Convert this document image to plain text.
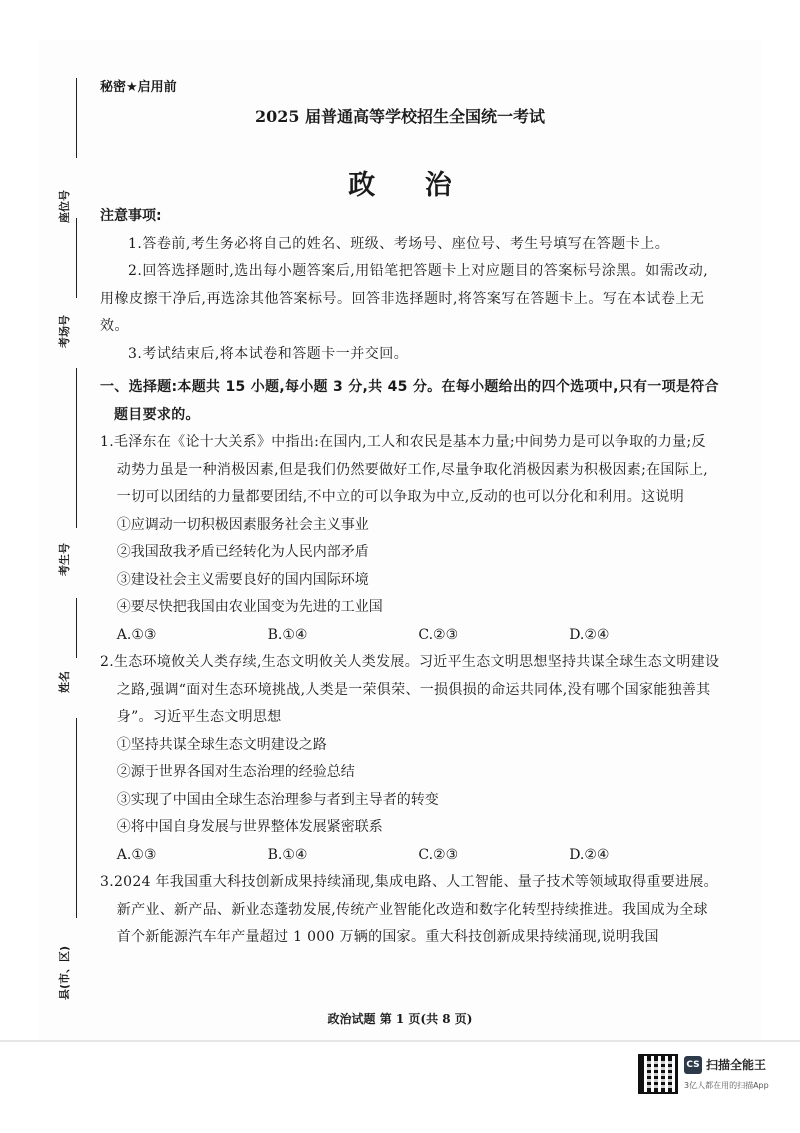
座位号
考场号
考生号
姓名
县(市、区)
秘密★启用前
2025 届普通高等学校招生全国统一考试
政 治
注意事项:

1.答卷前,考生务必将自己的姓名、班级、考场号、座位号、考生号填写在答题卡上。

2.回答选择题时,选出每小题答案后,用铅笔把答题卡上对应题目的答案标号涂黑。如需改动,用橡皮擦干净后,再选涂其他答案标号。回答非选择题时,将答案写在答题卡上。写在本试卷上无效。

3.考试结束后,将本试卷和答题卡一并交回。

一、选择题:本题共 15 小题,每小题 3 分,共 45 分。在每小题给出的四个选项中,只有一项是符合题目要求的。
1.毛泽东在《论十大关系》中指出:在国内,工人和农民是基本力量;中间势力是可以争取的力量;反动势力虽是一种消极因素,但是我们仍然要做好工作,尽量争取化消极因素为积极因素;在国际上,一切可以团结的力量都要团结,不中立的可以争取为中立,反动的也可以分化和利用。这说明
①应调动一切积极因素服务社会主义事业
②我国敌我矛盾已经转化为人民内部矛盾
③建设社会主义需要良好的国内国际环境
④要尽快把我国由农业国变为先进的工业国
A.①③	B.①④	C.②③	D.②④
2.生态环境攸关人类存续,生态文明攸关人类发展。习近平生态文明思想坚持共谋全球生态文明建设之路,强调“面对生态环境挑战,人类是一荣俱荣、一损俱损的命运共同体,没有哪个国家能独善其身”。习近平生态文明思想
①坚持共谋全球生态文明建设之路
②源于世界各国对生态治理的经验总结
③实现了中国由全球生态治理参与者到主导者的转变
④将中国自身发展与世界整体发展紧密联系
A.①③	B.①④	C.②③	D.②④
3.2024 年我国重大科技创新成果持续涌现,集成电路、人工智能、量子技术等领域取得重要进展。新产业、新产品、新业态蓬勃发展,传统产业智能化改造和数字化转型持续推进。我国成为全球首个新能源汽车年产量超过 1 000 万辆的国家。重大科技创新成果持续涌现,说明我国
政治试题 第 1 页(共 8 页)
CS 扫描全能王
3亿人都在用的扫描App
